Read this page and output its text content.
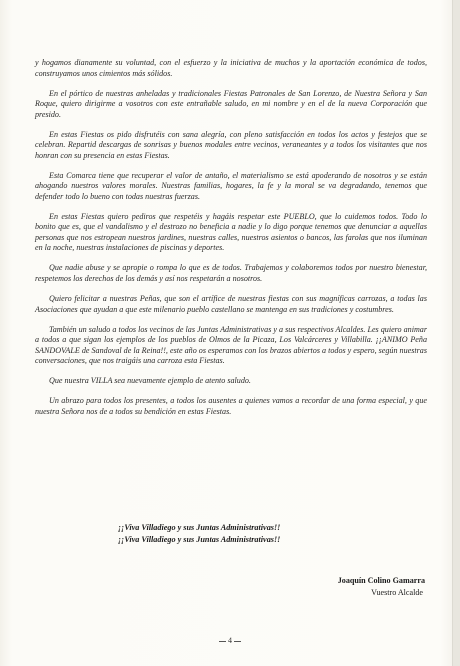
y hogamos dianamente su voluntad, con el esfuerzo y la iniciativa de muchos y la aportación económica de todos, construyamos unos cimientos más sólidos.

En el pórtico de nuestras anheladas y tradicionales Fiestas Patronales de San Lorenzo, de Nuestra Señora y San Roque, quiero dirigirme a vosotros con este entrañable saludo, en mi nombre y en el de la nueva Corporación que presido.

En estas Fiestas os pido disfrutéis con sana alegría, con pleno satisfacción en todos los actos y festejos que se celebran. Repartid descargas de sonrisas y buenos modales entre vecinos, veraneantes y a todos los visitantes que nos honran con su presencia en estas Fiestas.

Esta Comarca tiene que recuperar el valor de antaño, el materialismo se está apoderando de nosotros y se están ahogando nuestros valores morales. Nuestras familias, hogares, la fe y la moral se va degradando, tenemos que defender todo lo bueno con todas nuestras fuerzas.

En estas Fiestas quiero pediros que respetéis y hagáis respetar este PUEBLO, que lo cuidemos todos. Todo lo bonito que es, que el vandalismo y el destrozo no beneficia a nadie y lo digo porque tenemos que denunciar a aquellas personas que nos estropean nuestros jardines, nuestras calles, nuestros asientos o bancos, las farolas que nos iluminan en la noche, nuestras instalaciones de piscinas y deportes.

Que nadie abuse y se apropie o rompa lo que es de todos. Trabajemos y colaboremos todos por nuestro bienestar, respetemos los derechos de los demás y así nos respetarán a nosotros.

Quiero felicitar a nuestras Peñas, que son el artífice de nuestras fiestas con sus magníficas carrozas, a todas las Asociaciones que ayudan a que este milenario pueblo castellano se mantenga en sus tradiciones y costumbres.

También un saludo a todos los vecinos de las Juntas Administrativas y a sus respectivos Alcaldes. Les quiero animar a todos a que sigan los ejemplos de los pueblos de Olmos de la Picaza, Los Valcárceres y Villabilla. ¡¡ANIMO Peña SANDOVALE de Sandoval de la Reina!!, este año os esperamos con los brazos abiertos a todos y espero, según nuestras conversaciones, que nos traigáis una carroza esta Fiestas.

Que nuestra VILLA sea nuevamente ejemplo de atento saludo.

Un abrazo para todos los presentes, a todos los ausentes a quienes vamos a recordar de una forma especial, y que nuestra Señora nos de a todos su bendición en estas Fiestas.

¡¡Viva Villadiego y sus Juntas Administrativas!!
¡¡Viva Villadiego y sus Juntas Administrativas!!
Joaquín Colino Gamarra
Vuestro Alcalde
4
